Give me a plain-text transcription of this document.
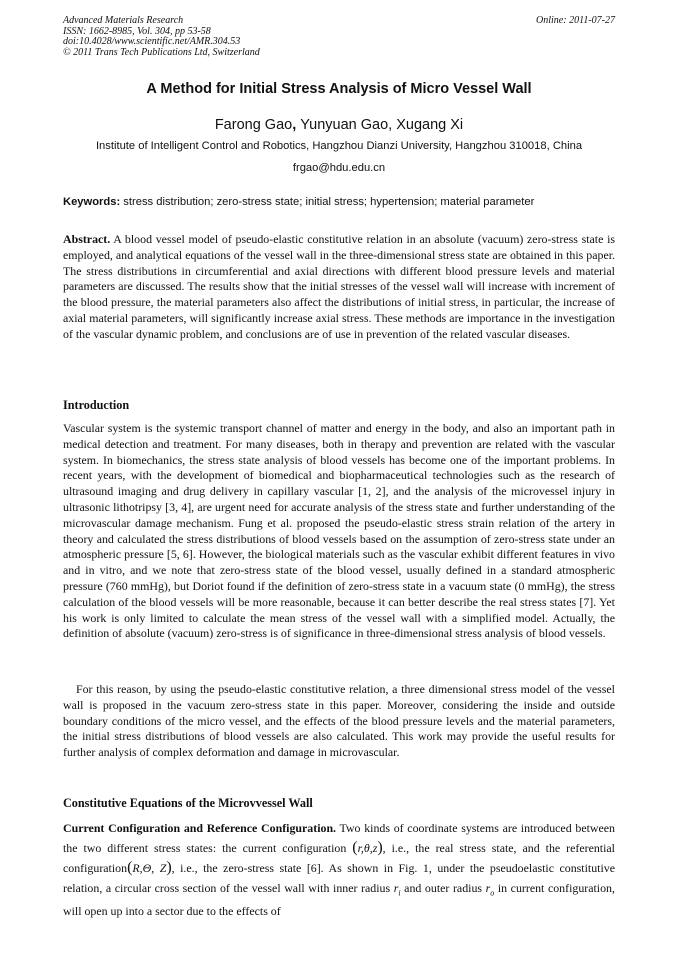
Advanced Materials Research
ISSN: 1662-8985, Vol. 304, pp 53-58
doi:10.4028/www.scientific.net/AMR.304.53
© 2011 Trans Tech Publications Ltd, Switzerland
Online: 2011-07-27
A Method for Initial Stress Analysis of Micro Vessel Wall
Farong Gao, Yunyuan Gao, Xugang Xi
Institute of Intelligent Control and Robotics, Hangzhou Dianzi University, Hangzhou 310018, China
frgao@hdu.edu.cn
Keywords: stress distribution; zero-stress state; initial stress; hypertension; material parameter
Abstract. A blood vessel model of pseudo-elastic constitutive relation in an absolute (vacuum) zero-stress state is employed, and analytical equations of the vessel wall in the three-dimensional stress state are obtained in this paper. The stress distributions in circumferential and axial directions with different blood pressure levels and material parameters are discussed. The results show that the initial stresses of the vessel wall will increase with increment of the blood pressure, the material parameters also affect the distributions of initial stress, in particular, the increase of axial material parameters, will significantly increase axial stress. These methods are importance in the investigation of the vascular dynamic problem, and conclusions are of use in prevention of the related vascular diseases.
Introduction
Vascular system is the systemic transport channel of matter and energy in the body, and also an important path in medical detection and treatment. For many diseases, both in therapy and prevention are related with the vascular system. In biomechanics, the stress state analysis of blood vessels has become one of the important problems. In recent years, with the development of biomedical and biopharmaceutical technologies such as the research of ultrasound imaging and drug delivery in capillary vascular [1, 2], and the analysis of the microvessel injury in ultrasonic lithotripsy [3, 4], are urgent need for accurate analysis of the stress state and further understanding of the microvascular damage mechanism. Fung et al. proposed the pseudo-elastic stress strain relation of the artery in theory and calculated the stress distributions of blood vessels based on the assumption of zero-stress state under an atmospheric pressure [5, 6]. However, the biological materials such as the vascular exhibit different features in vivo and in vitro, and we note that zero-stress state of the blood vessel, usually defined in a standard atmospheric pressure (760 mmHg), but Doriot found if the definition of zero-stress state in a vacuum state (0 mmHg), the stress calculation of the blood vessels will be more reasonable, because it can better describe the real stress states [7]. Yet his work is only limited to calculate the mean stress of the vessel wall with a simplified model. Actually, the definition of absolute (vacuum) zero-stress is of significance in three-dimensional stress analysis of blood vessels.
For this reason, by using the pseudo-elastic constitutive relation, a three dimensional stress model of the vessel wall is proposed in the vacuum zero-stress state in this paper. Moreover, considering the inside and outside boundary conditions of the micro vessel, and the effects of the blood pressure levels and the material parameters, the initial stress distributions of blood vessels are also calculated. This work may provide the useful results for further analysis of complex deformation and damage in microvascular.
Constitutive Equations of the Microvvessel Wall
Current Configuration and Reference Configuration. Two kinds of coordinate systems are introduced between the two different stress states: the current configuration (r,θ,z), i.e., the real stress state, and the referential configuration(R,Θ, Z), i.e., the zero-stress state [6]. As shown in Fig. 1, under the pseudoelastic constitutive relation, a circular cross section of the vessel wall with inner radius $r_i$ and outer radius $r_o$ in current configuration, will open up into a sector due to the effects of
